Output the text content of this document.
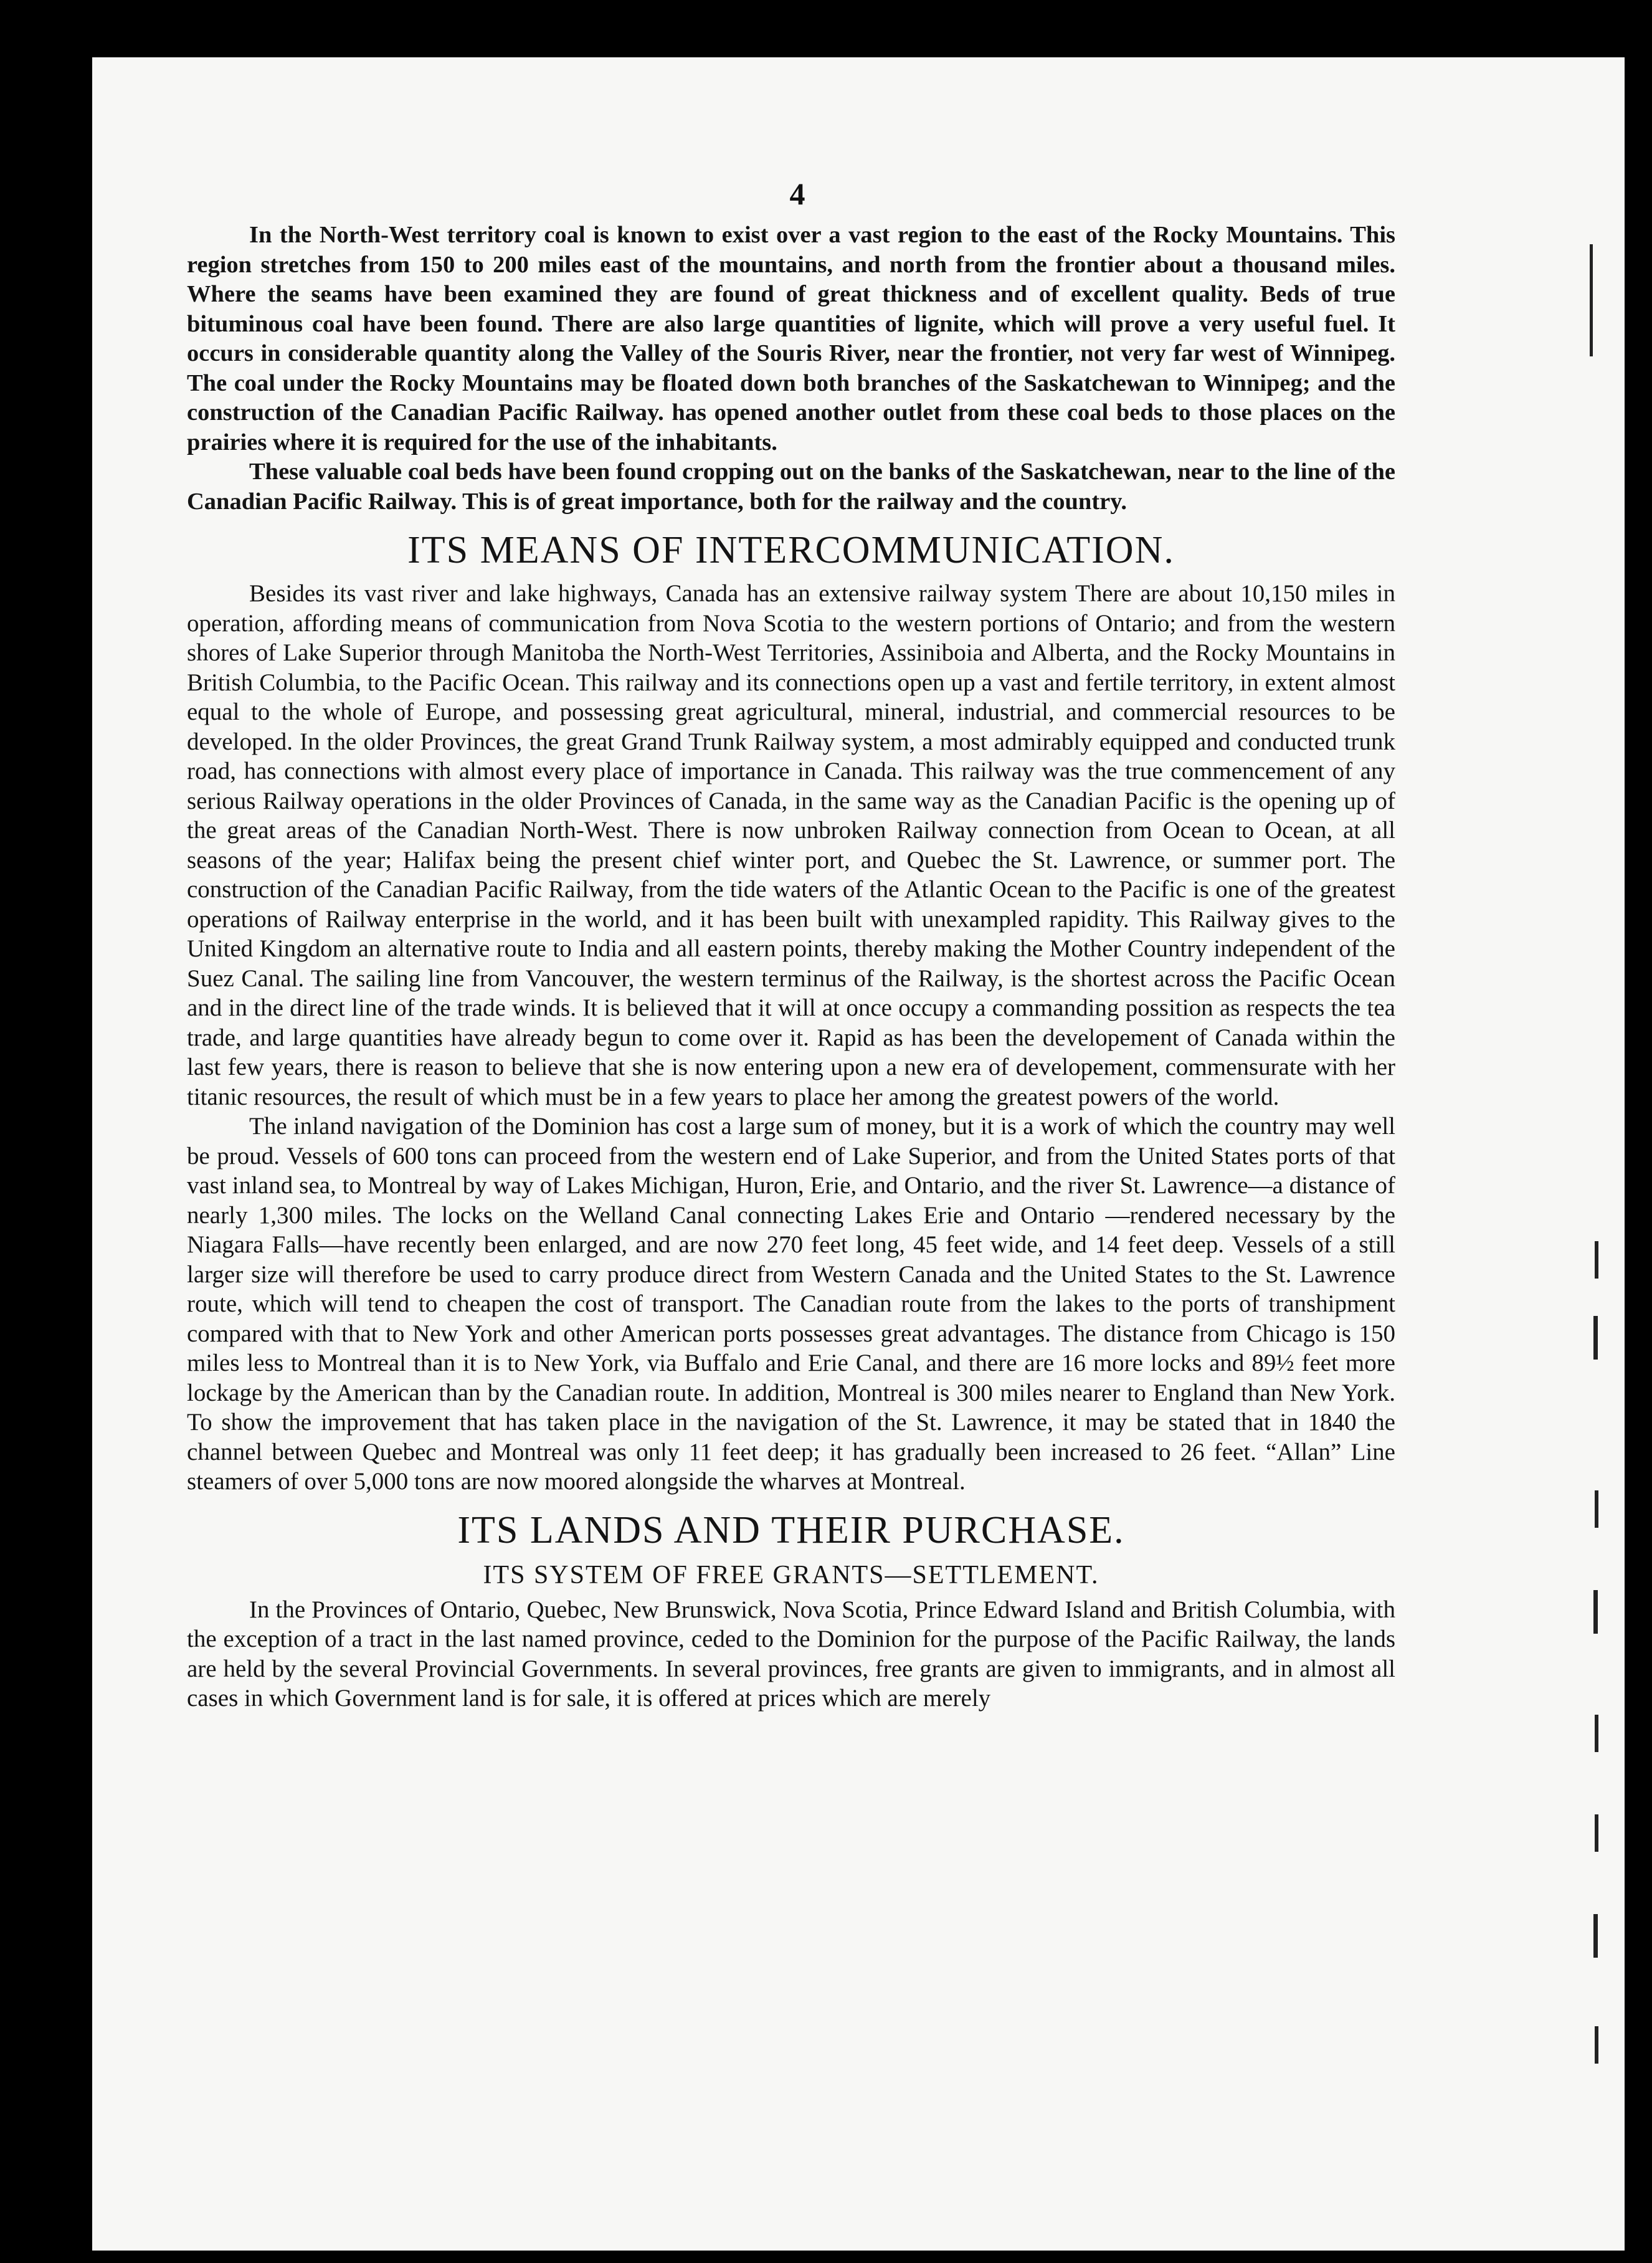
4

In the North-West territory coal is known to exist over a vast region to the east of the Rocky Mountains. This region stretches from 150 to 200 miles east of the mountains, and north from the frontier about a thousand miles. Where the seams have been examined they are found of great thickness and of excellent quality. Beds of true bituminous coal have been found. There are also large quantities of lignite, which will prove a very useful fuel. It occurs in considerable quantity along the Valley of the Souris River, near the frontier, not very far west of Winnipeg. The coal under the Rocky Mountains may be floated down both branches of the Saskatchewan to Winnipeg; and the construction of the Canadian Pacific Railway. has opened another outlet from these coal beds to those places on the prairies where it is required for the use of the inhabitants.

These valuable coal beds have been found cropping out on the banks of the Saskatchewan, near to the line of the Canadian Pacific Railway. This is of great importance, both for the railway and the country.

ITS MEANS OF INTERCOMMUNICATION.

Besides its vast river and lake highways, Canada has an extensive railway system There are about 10,150 miles in operation, affording means of communication from Nova Scotia to the western portions of Ontario; and from the western shores of Lake Superior through Manitoba the North-West Territories, Assiniboia and Alberta, and the Rocky Mountains in British Columbia, to the Pacific Ocean. This railway and its connections open up a vast and fertile territory, in extent almost equal to the whole of Europe, and possessing great agricultural, mineral, industrial, and commercial resources to be developed. In the older Provinces, the great Grand Trunk Railway system, a most admirably equipped and conducted trunk road, has connections with almost every place of importance in Canada. This railway was the true commencement of any serious Railway operations in the older Provinces of Canada, in the same way as the Canadian Pacific is the opening up of the great areas of the Canadian North-West. There is now unbroken Railway connection from Ocean to Ocean, at all seasons of the year; Halifax being the present chief winter port, and Quebec the St. Lawrence, or summer port. The construction of the Canadian Pacific Railway, from the tide waters of the Atlantic Ocean to the Pacific is one of the greatest operations of Railway enterprise in the world, and it has been built with unexampled rapidity. This Railway gives to the United Kingdom an alternative route to India and all eastern points, thereby making the Mother Country independent of the Suez Canal. The sailing line from Vancouver, the western terminus of the Railway, is the shortest across the Pacific Ocean and in the direct line of the trade winds. It is believed that it will at once occupy a commanding possition as respects the tea trade, and large quantities have already begun to come over it. Rapid as has been the developement of Canada within the last few years, there is reason to believe that she is now entering upon a new era of developement, commensurate with her titanic resources, the result of which must be in a few years to place her among the greatest powers of the world.

The inland navigation of the Dominion has cost a large sum of money, but it is a work of which the country may well be proud. Vessels of 600 tons can proceed from the western end of Lake Superior, and from the United States ports of that vast inland sea, to Montreal by way of Lakes Michigan, Huron, Erie, and Ontario, and the river St. Lawrence—a distance of nearly 1,300 miles. The locks on the Welland Canal connecting Lakes Erie and Ontario —rendered necessary by the Niagara Falls—have recently been enlarged, and are now 270 feet long, 45 feet wide, and 14 feet deep. Vessels of a still larger size will therefore be used to carry produce direct from Western Canada and the United States to the St. Lawrence route, which will tend to cheapen the cost of transport. The Canadian route from the lakes to the ports of transhipment compared with that to New York and other American ports possesses great advantages. The distance from Chicago is 150 miles less to Montreal than it is to New York, via Buffalo and Erie Canal, and there are 16 more locks and 89½ feet more lockage by the American than by the Canadian route. In addition, Montreal is 300 miles nearer to England than New York. To show the improvement that has taken place in the navigation of the St. Lawrence, it may be stated that in 1840 the channel between Quebec and Montreal was only 11 feet deep; it has gradually been increased to 26 feet. “Allan” Line steamers of over 5,000 tons are now moored alongside the wharves at Montreal.

ITS LANDS AND THEIR PURCHASE.
ITS SYSTEM OF FREE GRANTS—SETTLEMENT.

In the Provinces of Ontario, Quebec, New Brunswick, Nova Scotia, Prince Edward Island and British Columbia, with the exception of a tract in the last named province, ceded to the Dominion for the purpose of the Pacific Railway, the lands are held by the several Provincial Governments. In several provinces, free grants are given to immigrants, and in almost all cases in which Government land is for sale, it is offered at prices which are merely
